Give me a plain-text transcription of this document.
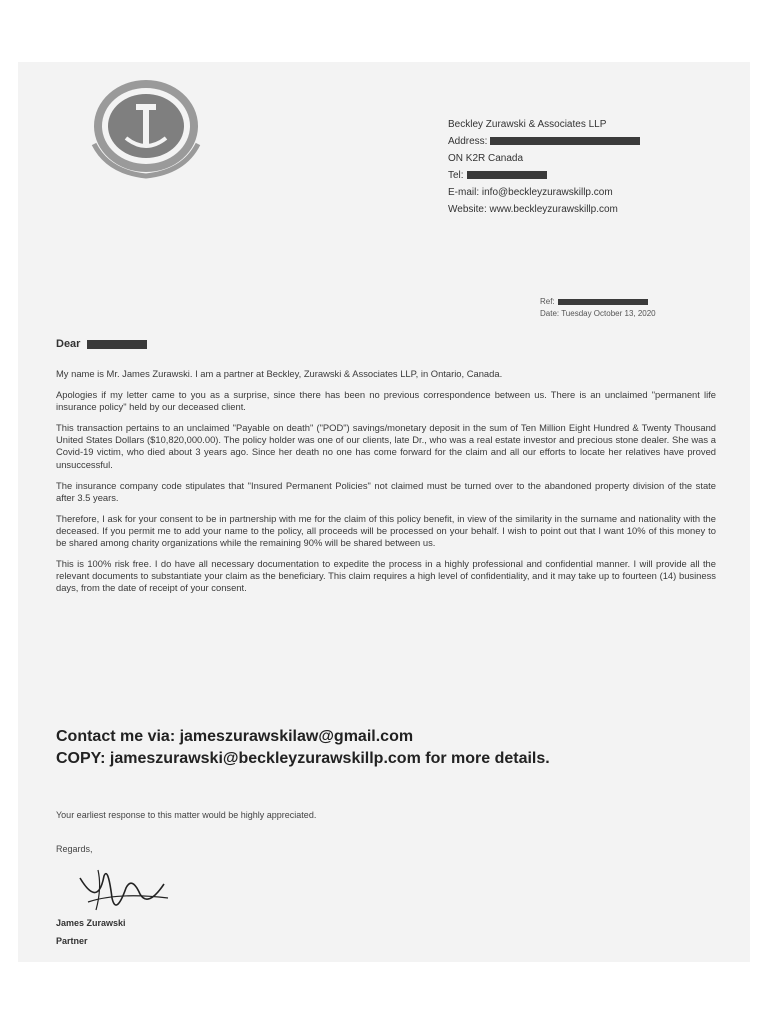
Beckley Zurawski & Associates LLP
Address:
ON K2R Canada
Tel:
E-mail: info@beckleyzurawskillp.com
Website: www.beckleyzurawskillp.com
Ref:
Date: Tuesday October 13, 2020
Dear

My name is Mr. James Zurawski. I am a partner at Beckley, Zurawski & Associates LLP, in Ontario, Canada.

Apologies if my letter came to you as a surprise, since there has been no previous correspondence between us. There is an unclaimed "permanent life insurance policy" held by our deceased client.

This transaction pertains to an unclaimed "Payable on death" ("POD") savings/monetary deposit in the sum of Ten Million Eight Hundred & Twenty Thousand United States Dollars ($10,820,000.00). The policy holder was one of our clients, late Dr., who was a real estate investor and precious stone dealer. She was a Covid-19 victim, who died about 3 years ago. Since her death no one has come forward for the claim and all our efforts to locate her relatives have proved unsuccessful.

The insurance company code stipulates that "Insured Permanent Policies" not claimed must be turned over to the abandoned property division of the state after 3.5 years.

Therefore, I ask for your consent to be in partnership with me for the claim of this policy benefit, in view of the similarity in the surname and nationality with the deceased. If you permit me to add your name to the policy, all proceeds will be processed on your behalf. I wish to point out that I want 10% of this money to be shared among charity organizations while the remaining 90% will be shared between us.

This is 100% risk free. I do have all necessary documentation to expedite the process in a highly professional and confidential manner. I will provide all the relevant documents to substantiate your claim as the beneficiary. This claim requires a high level of confidentiality, and it may take up to fourteen (14) business days, from the date of receipt of your consent.

Contact me via: jameszurawskilaw@gmail.com
COPY: jameszurawski@beckleyzurawskillp.com for more details.
Your earliest response to this matter would be highly appreciated.
Regards,
James Zurawski
Partner
